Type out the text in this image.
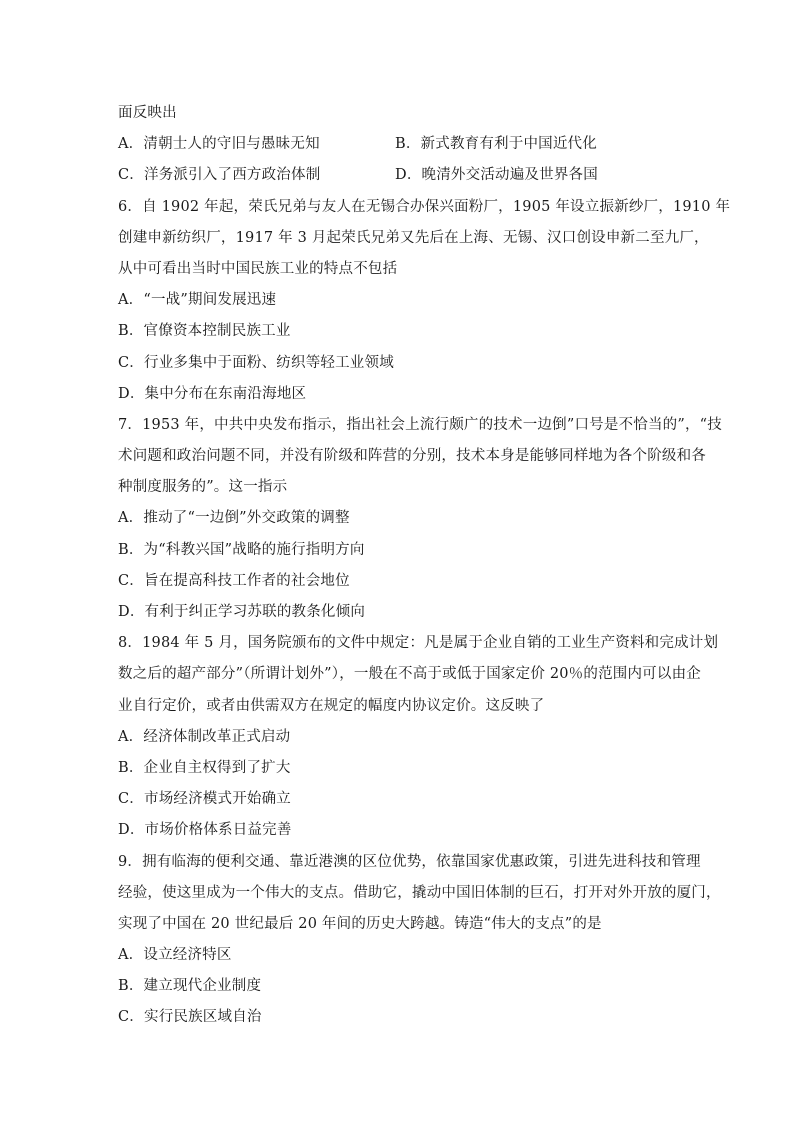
面反映出
A．清朝士人的守旧与愚昧无知	B．新式教育有利于中国近代化
C．洋务派引入了西方政治体制	D．晚清外交活动遍及世界各国
6．自 1902 年起，荣氏兄弟与友人在无锡合办保兴面粉厂，1905 年设立振新纱厂，1910 年
创建申新纺织厂，1917 年 3 月起荣氏兄弟又先后在上海、无锡、汉口创设申新二至九厂，
从中可看出当时中国民族工业的特点不包括
A．“一战”期间发展迅速
B．官僚资本控制民族工业
C．行业多集中于面粉、纺织等轻工业领域
D．集中分布在东南沿海地区
7．1953 年，中共中央发布指示，指出社会上流行颇广的技术一边倒”口号是不恰当的”，“技
术问题和政治问题不同，并没有阶级和阵营的分别，技术本身是能够同样地为各个阶级和各
种制度服务的”。这一指示
A．推动了“一边倒”外交政策的调整
B．为“科教兴国”战略的施行指明方向
C．旨在提高科技工作者的社会地位
D．有利于纠正学习苏联的教条化倾向
8．1984 年 5 月，国务院颁布的文件中规定：凡是属于企业自销的工业生产资料和完成计划
数之后的超产部分”（所谓计划外”），一般在不高于或低于国家定价 20％的范围内可以由企
业自行定价，或者由供需双方在规定的幅度内协议定价。这反映了
A．经济体制改革正式启动
B．企业自主权得到了扩大
C．市场经济模式开始确立
D．市场价格体系日益完善
9．拥有临海的便利交通、靠近港澳的区位优势，依靠国家优惠政策，引进先进科技和管理
经验，使这里成为一个伟大的支点。借助它，撬动中国旧体制的巨石，打开对外开放的厦门，
实现了中国在 20 世纪最后 20 年间的历史大跨越。铸造“伟大的支点”的是
A．设立经济特区
B．建立现代企业制度
C．实行民族区域自治
